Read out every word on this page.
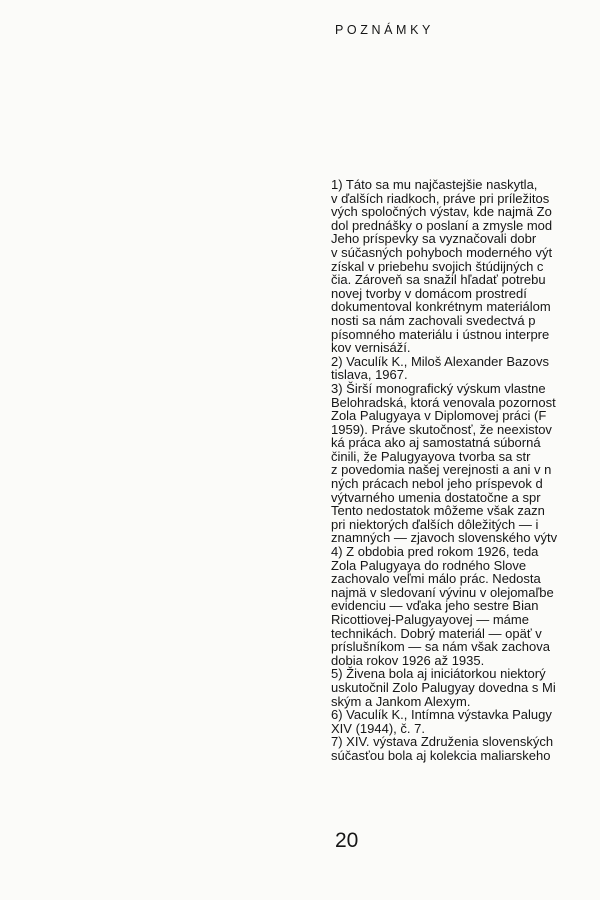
POZNÁMKY
1) Táto sa mu najčastejšie naskytla,
v ďalších riadkoch, práve pri príležitos
vých spoločných výstav, kde najmä Zo
dol prednášky o poslaní a zmysle mod
Jeho príspevky sa vyznačovali dobr
v súčasných pohyboch moderného výt
získal v priebehu svojich štúdijných c
čia. Zároveň sa snažil hľadať potrebu
novej tvorby v domácom prostredí
dokumentoval konkrétnym materiálom
nosti sa nám zachovali svedectvá p
písomného materiálu i ústnou interpre
kov vernisáží.
2) Vaculík K., Miloš Alexander Bazovs
tislava, 1967.
3) Širší monografický výskum vlastne
Belohradská, ktorá venovala pozornost
Zola Palugyaya v Diplomovej práci (F
1959). Práve skutočnosť, že neexistov
ká práca ako aj samostatná súborná
činili, že Palugyayova tvorba sa str
z povedomia našej verejnosti a ani v n
ných prácach nebol jeho príspevok d
výtvarného umenia dostatočne a spr
Tento nedostatok môžeme však zazn
pri niektorých ďalších dôležitých — i
znamných — zjavoch slovenského výtv
4) Z obdobia pred rokom 1926, teda
Zola Palugyaya do rodného Slove
zachovalo veľmi málo prác. Nedosta
najmä v sledovaní vývinu v olejomaľbe
evidenciu — vďaka jeho sestre Bian
Ricottiovej-Palugyayovej — máme
technikách. Dobrý materiál — opäť v
príslušníkom — sa nám však zachova
dobia rokov 1926 až 1935.
5) Živena bola aj iniciátorkou niektorý
uskutočnil Zolo Palugyay dovedna s Mi
ským a Jankom Alexym.
6) Vaculík K., Intímna výstavka Palugy
XIV (1944), č. 7.
7) XIV. výstava Združenia slovenských
súčasťou bola aj kolekcia maliarskeho
20
